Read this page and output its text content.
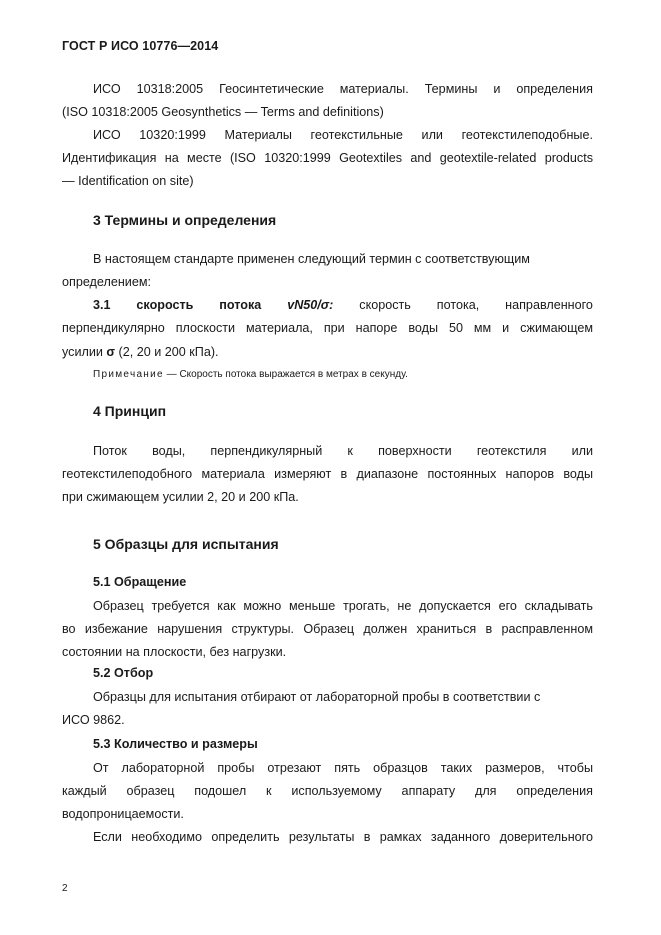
ГОСТ Р ИСО 10776—2014
ИСО 10318:2005 Геосинтетические материалы. Термины и определения
(ISO 10318:2005 Geosynthetics — Terms and definitions)
ИСО 10320:1999 Материалы геотекстильные или геотекстилеподобные.
Идентификация на месте (ISO 10320:1999 Geotextiles and geotextile-related products
— Identification on site)
3 Термины и определения
В настоящем стандарте применен следующий термин с соответствующим
определением:
3.1 скорость потока vN50/σ: скорость потока, направленного
перпендикулярно плоскости материала, при напоре воды 50 мм и сжимающем
усилии σ (2, 20 и 200 кПа).
Примечание — Скорость потока выражается в метрах в секунду.
4 Принцип
Поток воды, перпендикулярный к поверхности геотекстиля или
геотекстилеподобного материала измеряют в диапазоне постоянных напоров воды
при сжимающем усилии 2, 20 и 200 кПа.
5 Образцы для испытания
5.1 Обращение
Образец требуется как можно меньше трогать, не допускается его складывать
во избежание нарушения структуры. Образец должен храниться в расправленном
состоянии на плоскости, без нагрузки.
5.2 Отбор
Образцы для испытания отбирают от лабораторной пробы в соответствии с
ИСО 9862.
5.3 Количество и размеры
От лабораторной пробы отрезают пять образцов таких размеров, чтобы
каждый образец подошел к используемому аппарату для определения
водопроницаемости.
Если необходимо определить результаты в рамках заданного доверительного
2
